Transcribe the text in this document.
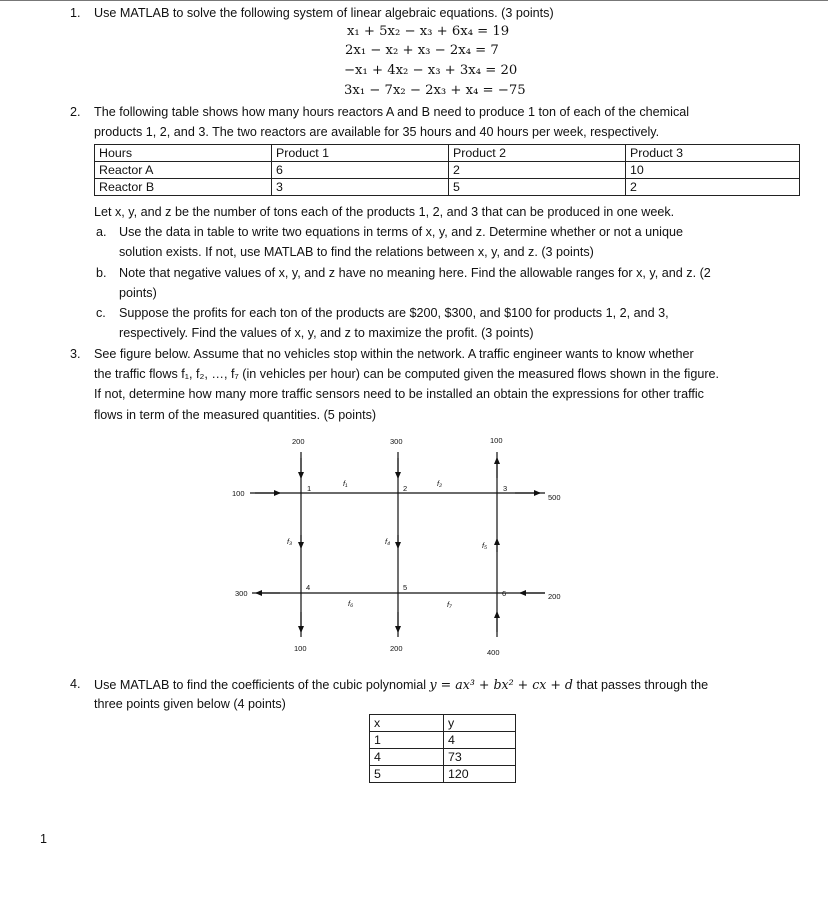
1. Use MATLAB to solve the following system of linear algebraic equations. (3 points)
x₁ + 5x₂ − x₃ + 6x₄ = 19
2x₁ − x₂ + x₃ − 2x₄ = 7
−x₁ + 4x₂ − x₃ + 3x₄ = 20
3x₁ − 7x₂ − 2x₃ + x₄ = −75
2. The following table shows how many hours reactors A and B need to produce 1 ton of each of the chemical
products 1, 2, and 3. The two reactors are available for 35 hours and 40 hours per week, respectively.
Hours	Product 1	Product 2	Product 3
Reactor A	6	2	10
Reactor B	3	5	2
Let x, y, and z be the number of tons each of the products 1, 2, and 3 that can be produced in one week.
a. Use the data in table to write two equations in terms of x, y, and z. Determine whether or not a unique
solution exists. If not, use MATLAB to find the relations between x, y, and z. (3 points)
b. Note that negative values of x, y, and z have no meaning here. Find the allowable ranges for x, y, and z. (2
points)
c. Suppose the profits for each ton of the products are $200, $300, and $100 for products 1, 2, and 3,
respectively. Find the values of x, y, and z to maximize the profit. (3 points)
3. See figure below. Assume that no vehicles stop within the network. A traffic engineer wants to know whether
the traffic flows f₁, f₂, …, f₇ (in vehicles per hour) can be computed given the measured flows shown in the figure.
If not, determine how many more traffic sensors need to be installed an obtain the expressions for other traffic
flows in term of the measured quantities. (5 points)
200	300	100
100	500
300	200
100	200	400
1	2	3
4	5
6
f₁	f₂
f₃	f₄	f₅
f₆	f₇
4. Use MATLAB to find the coefficients of the cubic polynomial y = ax³ + bx² + cx + d that passes through the
three points given below (4 points)
x	y
1	4
4	73
5	120
1
